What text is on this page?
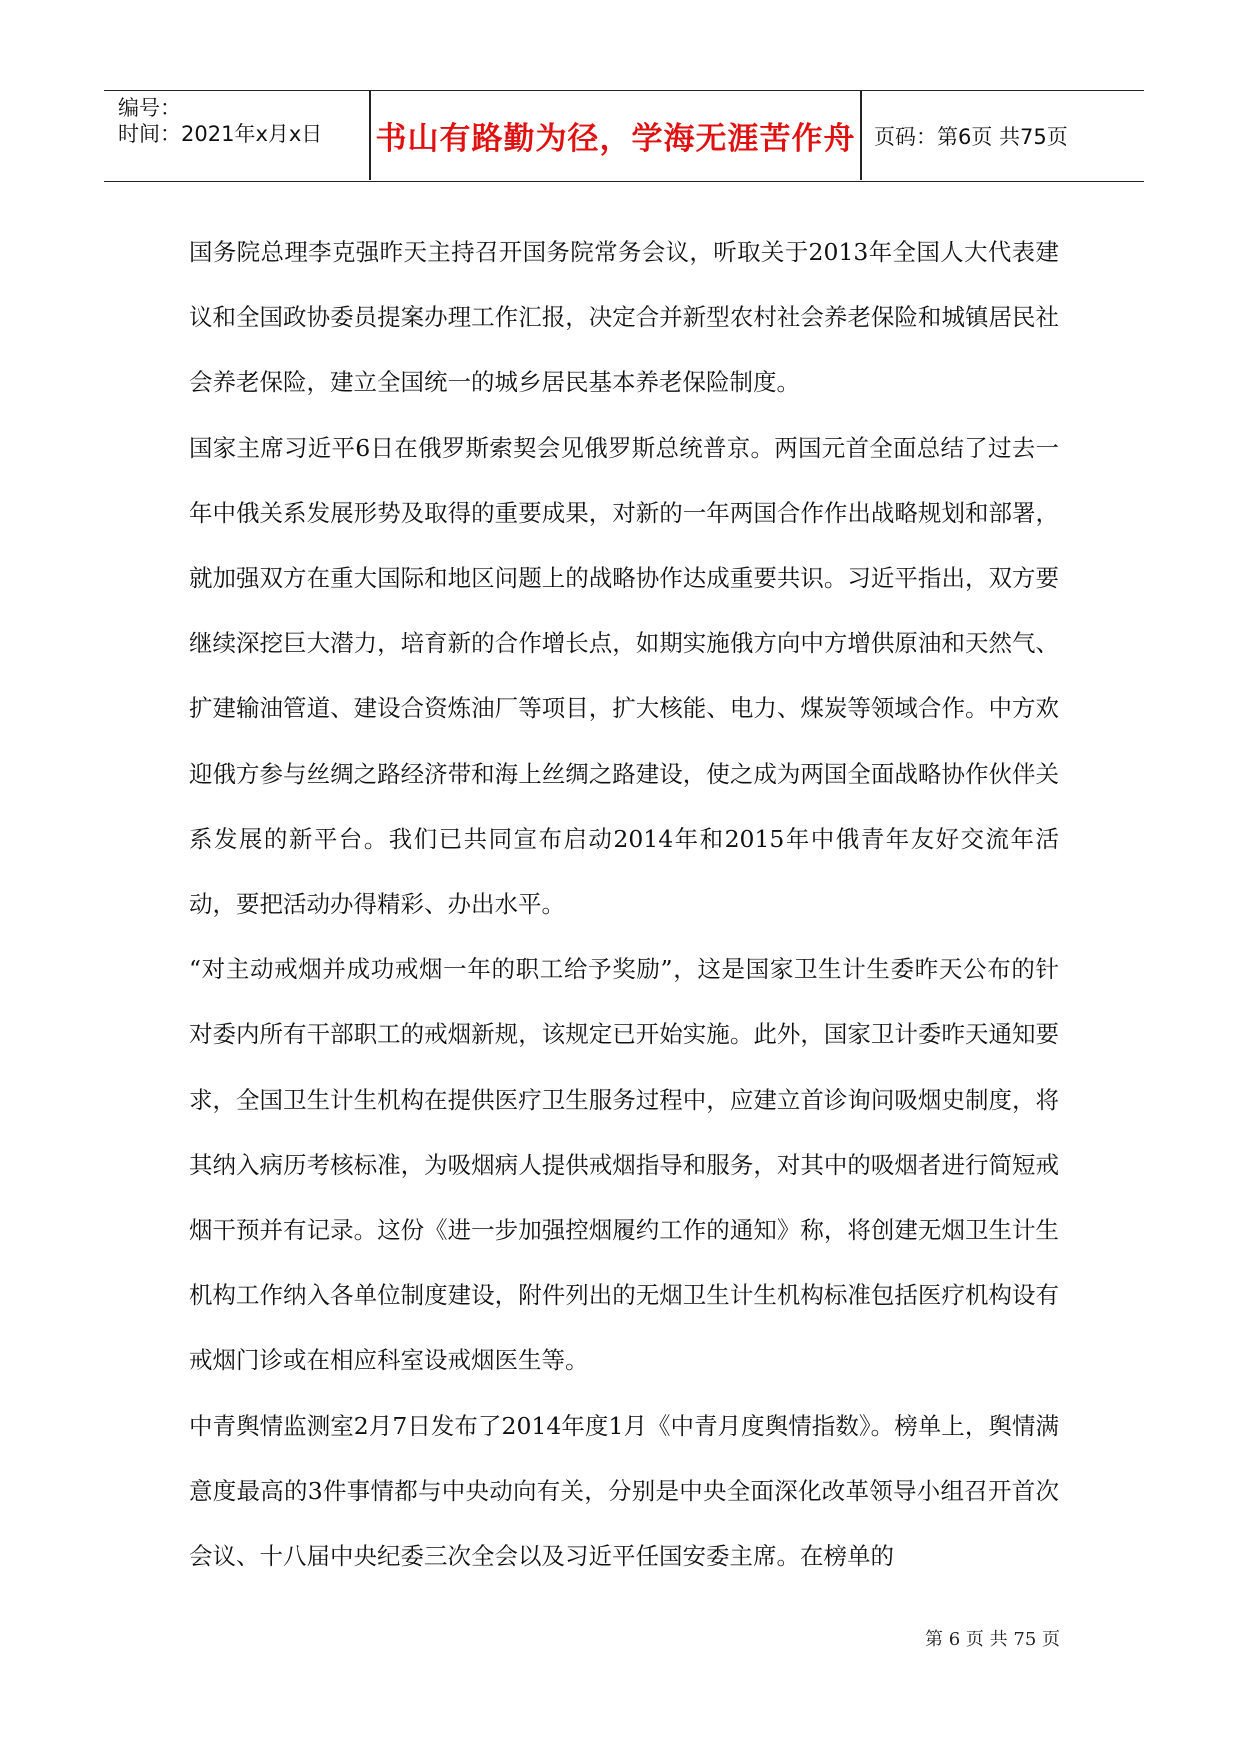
编号：
时间：2021年x月x日 书山有路勤为径，学海无涯苦作舟 页码：第6页 共75页

国务院总理李克强昨天主持召开国务院常务会议，听取关于2013年全国人大代表建议和全国政协委员提案办理工作汇报，决定合并新型农村社会养老保险和城镇居民社会养老保险，建立全国统一的城乡居民基本养老保险制度。

国家主席习近平6日在俄罗斯索契会见俄罗斯总统普京。两国元首全面总结了过去一年中俄关系发展形势及取得的重要成果，对新的一年两国合作作出战略规划和部署，就加强双方在重大国际和地区问题上的战略协作达成重要共识。习近平指出，双方要继续深挖巨大潜力，培育新的合作增长点，如期实施俄方向中方增供原油和天然气、扩建输油管道、建设合资炼油厂等项目，扩大核能、电力、煤炭等领域合作。中方欢迎俄方参与丝绸之路经济带和海上丝绸之路建设，使之成为两国全面战略协作伙伴关系发展的新平台。我们已共同宣布启动2014年和2015年中俄青年友好交流年活动，要把活动办得精彩、办出水平。

“对主动戒烟并成功戒烟一年的职工给予奖励”，这是国家卫生计生委昨天公布的针对委内所有干部职工的戒烟新规，该规定已开始实施。此外，国家卫计委昨天通知要求，全国卫生计生机构在提供医疗卫生服务过程中，应建立首诊询问吸烟史制度，将其纳入病历考核标准，为吸烟病人提供戒烟指导和服务，对其中的吸烟者进行简短戒烟干预并有记录。这份《进一步加强控烟履约工作的通知》称，将创建无烟卫生计生机构工作纳入各单位制度建设，附件列出的无烟卫生计生机构标准包括医疗机构设有戒烟门诊或在相应科室设戒烟医生等。

中青舆情监测室2月7日发布了2014年度1月《中青月度舆情指数》。榜单上，舆情满意度最高的3件事情都与中央动向有关，分别是中央全面深化改革领导小组召开首次会议、十八届中央纪委三次全会以及习近平任国安委主席。在榜单的

第 6 页 共 75 页
